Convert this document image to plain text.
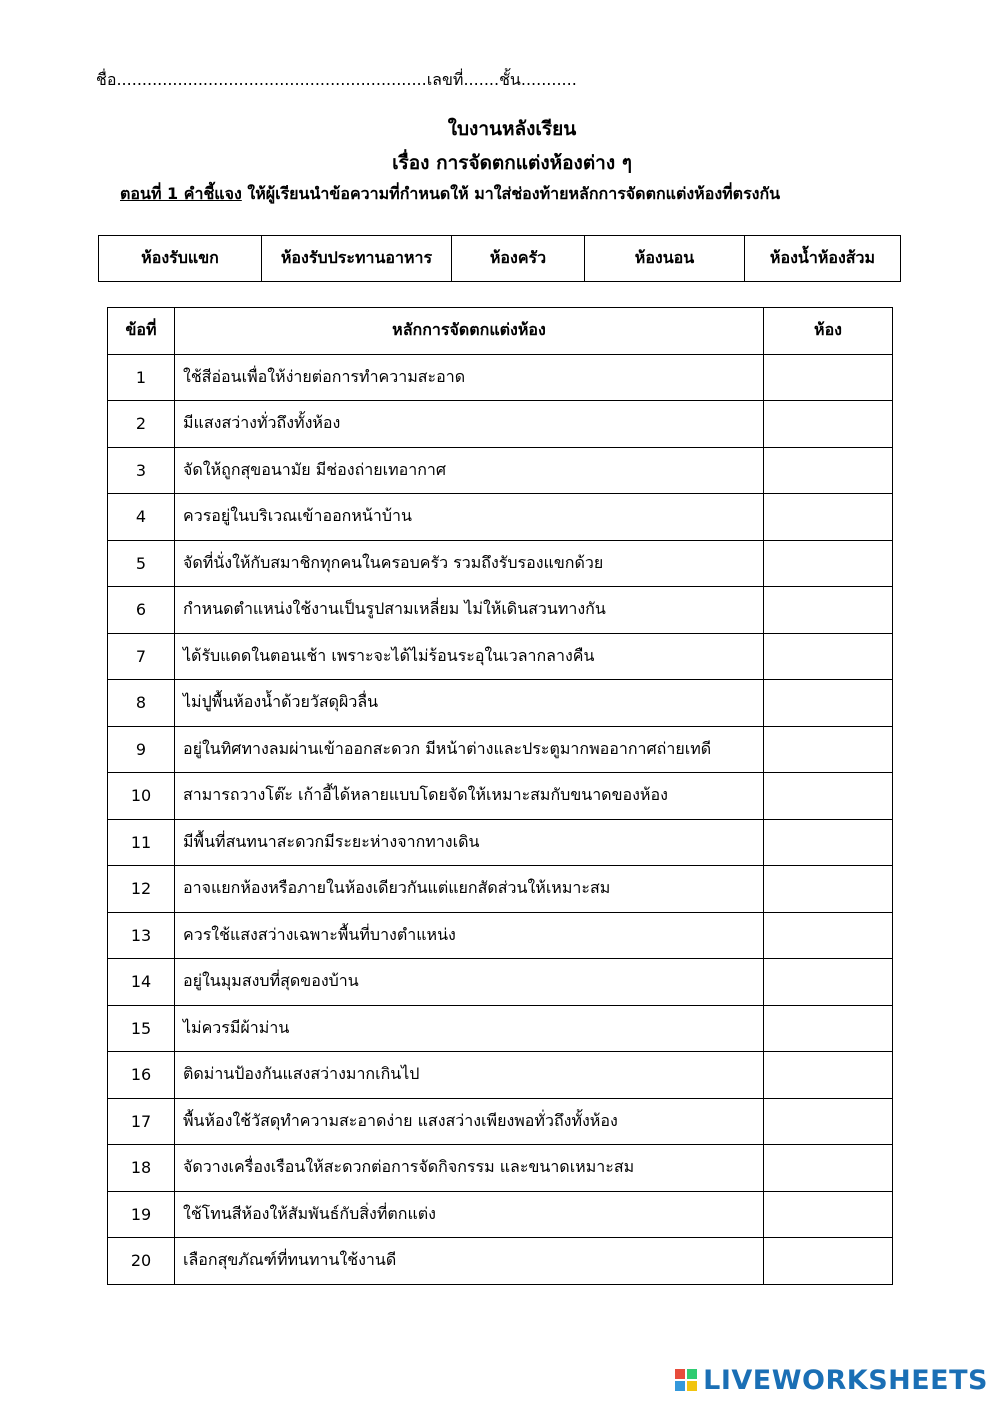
ชื่อ.............................................................เลขที่.......ชั้น...........
ใบงานหลังเรียน
เรื่อง การจัดตกแต่งห้องต่าง ๆ
ตอนที่ 1 คำชี้แจง ให้ผู้เรียนนำข้อความที่กำหนดให้ มาใส่ช่องท้ายหลักการจัดตกแต่งห้องที่ตรงกัน
ห้องรับแขก	ห้องรับประทานอาหาร	ห้องครัว	ห้องนอน	ห้องน้ำห้องส้วม
ข้อที่	หลักการจัดตกแต่งห้อง	ห้อง
1	ใช้สีอ่อนเพื่อให้ง่ายต่อการทำความสะอาด	
2	มีแสงสว่างทั่วถึงทั้งห้อง	
3	จัดให้ถูกสุขอนามัย มีช่องถ่ายเทอากาศ	
4	ควรอยู่ในบริเวณเข้าออกหน้าบ้าน	
5	จัดที่นั่งให้กับสมาชิกทุกคนในครอบครัว รวมถึงรับรองแขกด้วย	
6	กำหนดตำแหน่งใช้งานเป็นรูปสามเหลี่ยม ไม่ให้เดินสวนทางกัน	
7	ได้รับแดดในตอนเช้า เพราะจะได้ไม่ร้อนระอุในเวลากลางคืน	
8	ไม่ปูพื้นห้องน้ำด้วยวัสดุผิวลื่น	
9	อยู่ในทิศทางลมผ่านเข้าออกสะดวก มีหน้าต่างและประตูมากพออากาศถ่ายเทดี	
10	สามารถวางโต๊ะ เก้าอี้ได้หลายแบบโดยจัดให้เหมาะสมกับขนาดของห้อง	
11	มีพื้นที่สนทนาสะดวกมีระยะห่างจากทางเดิน	
12	อาจแยกห้องหรือภายในห้องเดียวกันแต่แยกสัดส่วนให้เหมาะสม	
13	ควรใช้แสงสว่างเฉพาะพื้นที่บางตำแหน่ง	
14	อยู่ในมุมสงบที่สุดของบ้าน	
15	ไม่ควรมีผ้าม่าน	
16	ติดม่านป้องกันแสงสว่างมากเกินไป	
17	พื้นห้องใช้วัสดุทำความสะอาดง่าย แสงสว่างเพียงพอทั่วถึงทั้งห้อง	
18	จัดวางเครื่องเรือนให้สะดวกต่อการจัดกิจกรรม และขนาดเหมาะสม	
19	ใช้โทนสีห้องให้สัมพันธ์กับสิ่งที่ตกแต่ง	
20	เลือกสุขภัณฑ์ที่ทนทานใช้งานดี	
LIVEWORKSHEETS
